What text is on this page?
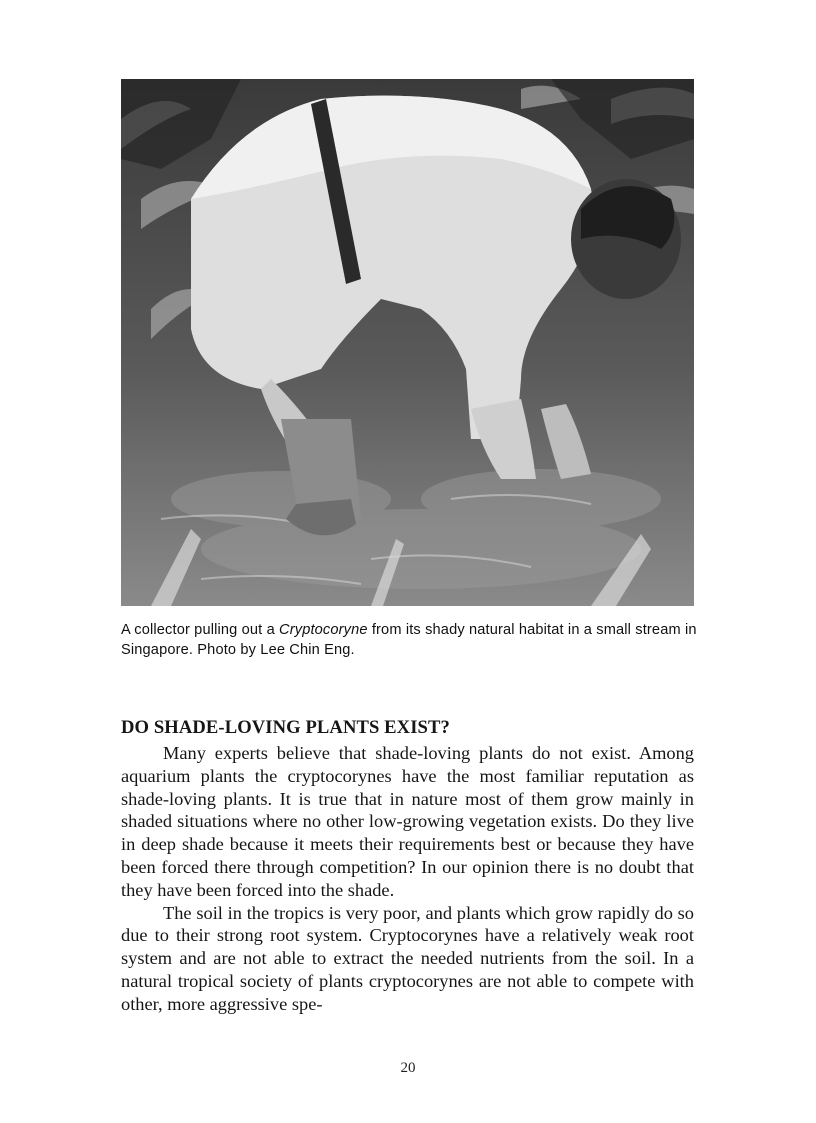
A collector pulling out a Cryptocoryne from its shady natural habitat in a small stream in Singapore. Photo by Lee Chin Eng.
DO SHADE-LOVING PLANTS EXIST?

Many experts believe that shade-loving plants do not exist. Among aquarium plants the cryptocorynes have the most familiar reputation as shade-loving plants. It is true that in nature most of them grow mainly in shaded situations where no other low-growing vegetation exists. Do they live in deep shade because it meets their requirements best or because they have been forced there through competition? In our opinion there is no doubt that they have been forced into the shade.

The soil in the tropics is very poor, and plants which grow rapidly do so due to their strong root system. Cryptocorynes have a relatively weak root system and are not able to extract the needed nutrients from the soil. In a natural tropical society of plants cryptocorynes are not able to compete with other, more aggressive spe-

20
